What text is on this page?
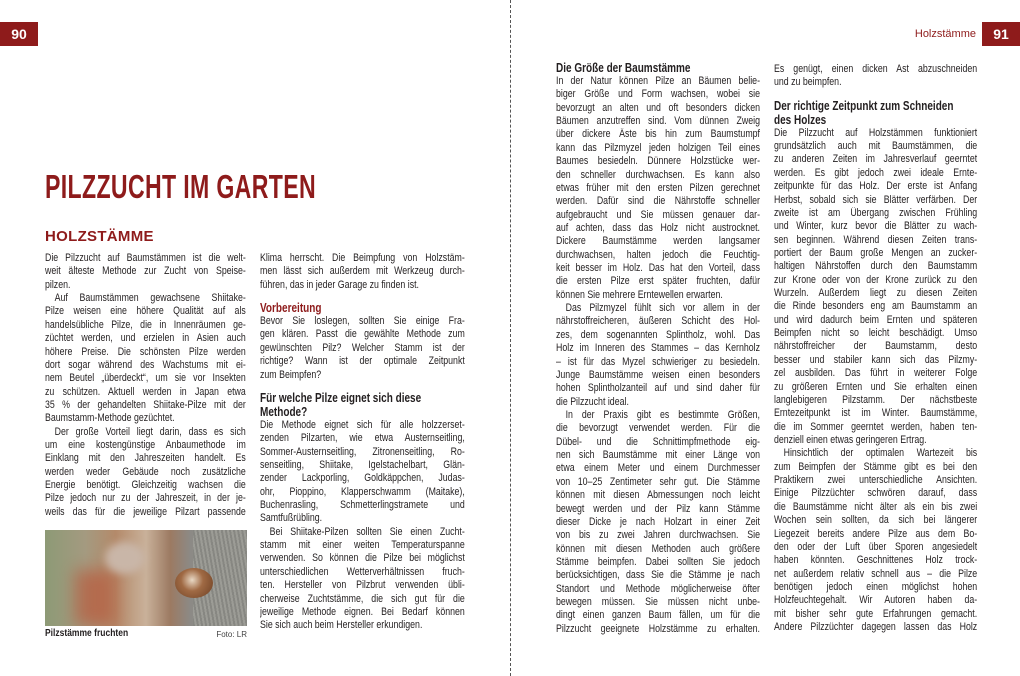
90	Holzstämme	91
PILZZUCHT IM GARTEN
HOLZSTÄMME
Die Pilzzucht auf Baumstämmen ist die welt-
weit älteste Methode zur Zucht von Speise-
pilzen.
Auf Baumstämmen gewachsene Shiitake-
Pilze weisen eine höhere Qualität auf als
handelsübliche Pilze, die in Innenräumen ge-
züchtet werden, und erzielen in Asien auch
höhere Preise. Die schönsten Pilze werden
dort sogar während des Wachstums mit ei-
nem Beutel „überdeckt“, um sie vor Insekten
zu schützen. Aktuell werden in Japan etwa
35 % der gehandelten Shiitake-Pilze mit der
Baumstamm-Methode gezüchtet.
Der große Vorteil liegt darin, dass es sich
um eine kostengünstige Anbaumethode im
Einklang mit den Jahreszeiten handelt. Es
werden weder Gebäude noch zusätzliche
Energie benötigt. Gleichzeitig wachsen die
Pilze jedoch nur zu der Jahreszeit, in der je-
weils das für die jeweilige Pilzart passende
Klima herrscht. Die Beimpfung von Holzstäm-
men lässt sich außerdem mit Werkzeug durch-
führen, das in jeder Garage zu finden ist.
Vorbereitung
Bevor Sie loslegen, sollten Sie einige Fra-
gen klären. Passt die gewählte Methode zum
gewünschten Pilz? Welcher Stamm ist der
richtige? Wann ist der optimale Zeitpunkt
zum Beimpfen?
Für welche Pilze eignet sich diese
Methode?
Die Methode eignet sich für alle holzzerset-
zenden Pilzarten, wie etwa Austernseitling,
Sommer-Austernseitling, Zitronenseitling, Ro-
senseitling, Shiitake, Igelstachelbart, Glän-
zender Lackporling, Goldkäppchen, Judas-
ohr, Pioppino, Klapperschwamm (Maitake),
Buchenrasling, Schmetterlingstramete und
Samtfußrübling.
Bei Shiitake-Pilzen sollten Sie einen Zucht-
stamm mit einer weiten Temperaturspanne
verwenden. So können die Pilze bei möglichst
unterschiedlichen Wetterverhältnissen fruch-
ten. Hersteller von Pilzbrut verwenden übli-
cherweise Zuchtstämme, die sich gut für die
jeweilige Methode eignen. Bei Bedarf können
Sie sich auch beim Hersteller erkundigen.
Die Größe der Baumstämme
In der Natur können Pilze an Bäumen belie-
biger Größe und Form wachsen, wobei sie
bevorzugt an alten und oft besonders dicken
Bäumen anzutreffen sind. Vom dünnen Zweig
über dickere Äste bis hin zum Baumstumpf
kann das Pilzmyzel jeden holzigen Teil eines
Baumes besiedeln. Dünnere Holzstücke wer-
den schneller durchwachsen. Es kann also
etwas früher mit den ersten Pilzen gerechnet
werden. Dafür sind die Nährstoffe schneller
aufgebraucht und Sie müssen genauer dar-
auf achten, dass das Holz nicht austrocknet.
Dickere Baumstämme werden langsamer
durchwachsen, halten jedoch die Feuchtig-
keit besser im Holz. Das hat den Vorteil, dass
die ersten Pilze erst später fruchten, dafür
können Sie mehrere Erntewellen erwarten.
Das Pilzmyzel fühlt sich vor allem in der
nährstoffreicheren, äußeren Schicht des Hol-
zes, dem sogenannten Splintholz, wohl. Das
Holz im Inneren des Stammes – das Kernholz
– ist für das Myzel schwieriger zu besiedeln.
Junge Baumstämme weisen einen besonders
hohen Splintholzanteil auf und sind daher für
die Pilzzucht ideal.
In der Praxis gibt es bestimmte Größen,
die bevorzugt verwendet werden. Für die
Dübel- und die Schnittimpfmethode eig-
nen sich Baumstämme mit einer Länge von
etwa einem Meter und einem Durchmesser
von 10–25 Zentimeter sehr gut. Die Stämme
können mit diesen Abmessungen noch leicht
bewegt werden und der Pilz kann Stämme
dieser Dicke je nach Holzart in einer Zeit
von bis zu zwei Jahren durchwachsen. Sie
können mit diesen Methoden auch größere
Stämme beimpfen. Dabei sollten Sie jedoch
berücksichtigen, dass Sie die Stämme je nach
Standort und Methode möglicherweise öfter
bewegen müssen. Sie müssen nicht unbe-
dingt einen ganzen Baum fällen, um für die
Pilzzucht geeignete Holzstämme zu erhalten.
Es genügt, einen dicken Ast abzuschneiden
und zu beimpfen.
Der richtige Zeitpunkt zum Schneiden
des Holzes
Die Pilzzucht auf Holzstämmen funktioniert
grundsätzlich auch mit Baumstämmen, die
zu anderen Zeiten im Jahresverlauf geerntet
werden. Es gibt jedoch zwei ideale Ernte-
zeitpunkte für das Holz. Der erste ist Anfang
Herbst, sobald sich sie Blätter verfärben. Der
zweite ist am Übergang zwischen Frühling
und Winter, kurz bevor die Blätter zu wach-
sen beginnen. Während diesen Zeiten trans-
portiert der Baum große Mengen an zucker-
haltigen Nährstoffen durch den Baumstamm
zur Krone oder von der Krone zurück zu den
Wurzeln. Außerdem liegt zu diesen Zeiten
die Rinde besonders eng am Baumstamm an
und wird dadurch beim Ernten und späteren
Beimpfen nicht so leicht beschädigt. Umso
nährstoffreicher der Baumstamm, desto
besser und stabiler kann sich das Pilzmy-
zel ausbilden. Das führt in weiterer Folge
zu größeren Ernten und Sie erhalten einen
langlebigeren Pilzstamm. Der nächstbeste
Erntezeitpunkt ist im Winter. Baumstämme,
die im Sommer geerntet werden, haben ten-
denziell einen etwas geringeren Ertrag.
Hinsichtlich der optimalen Wartezeit bis
zum Beimpfen der Stämme gibt es bei den
Praktikern zwei unterschiedliche Ansichten.
Einige Pilzzüchter schwören darauf, dass
die Baumstämme nicht älter als ein bis zwei
Wochen sein sollten, da sich bei längerer
Liegezeit bereits andere Pilze aus dem Bo-
den oder der Luft über Sporen angesiedelt
haben könnten. Geschnittenes Holz trock-
net außerdem relativ schnell aus – die Pilze
benötigen jedoch einen möglichst hohen
Holzfeuchtegehalt. Wir Autoren haben da-
mit bisher sehr gute Erfahrungen gemacht.
Andere Pilzzüchter dagegen lassen das Holz
Pilzstämme fruchten	Foto: LR
